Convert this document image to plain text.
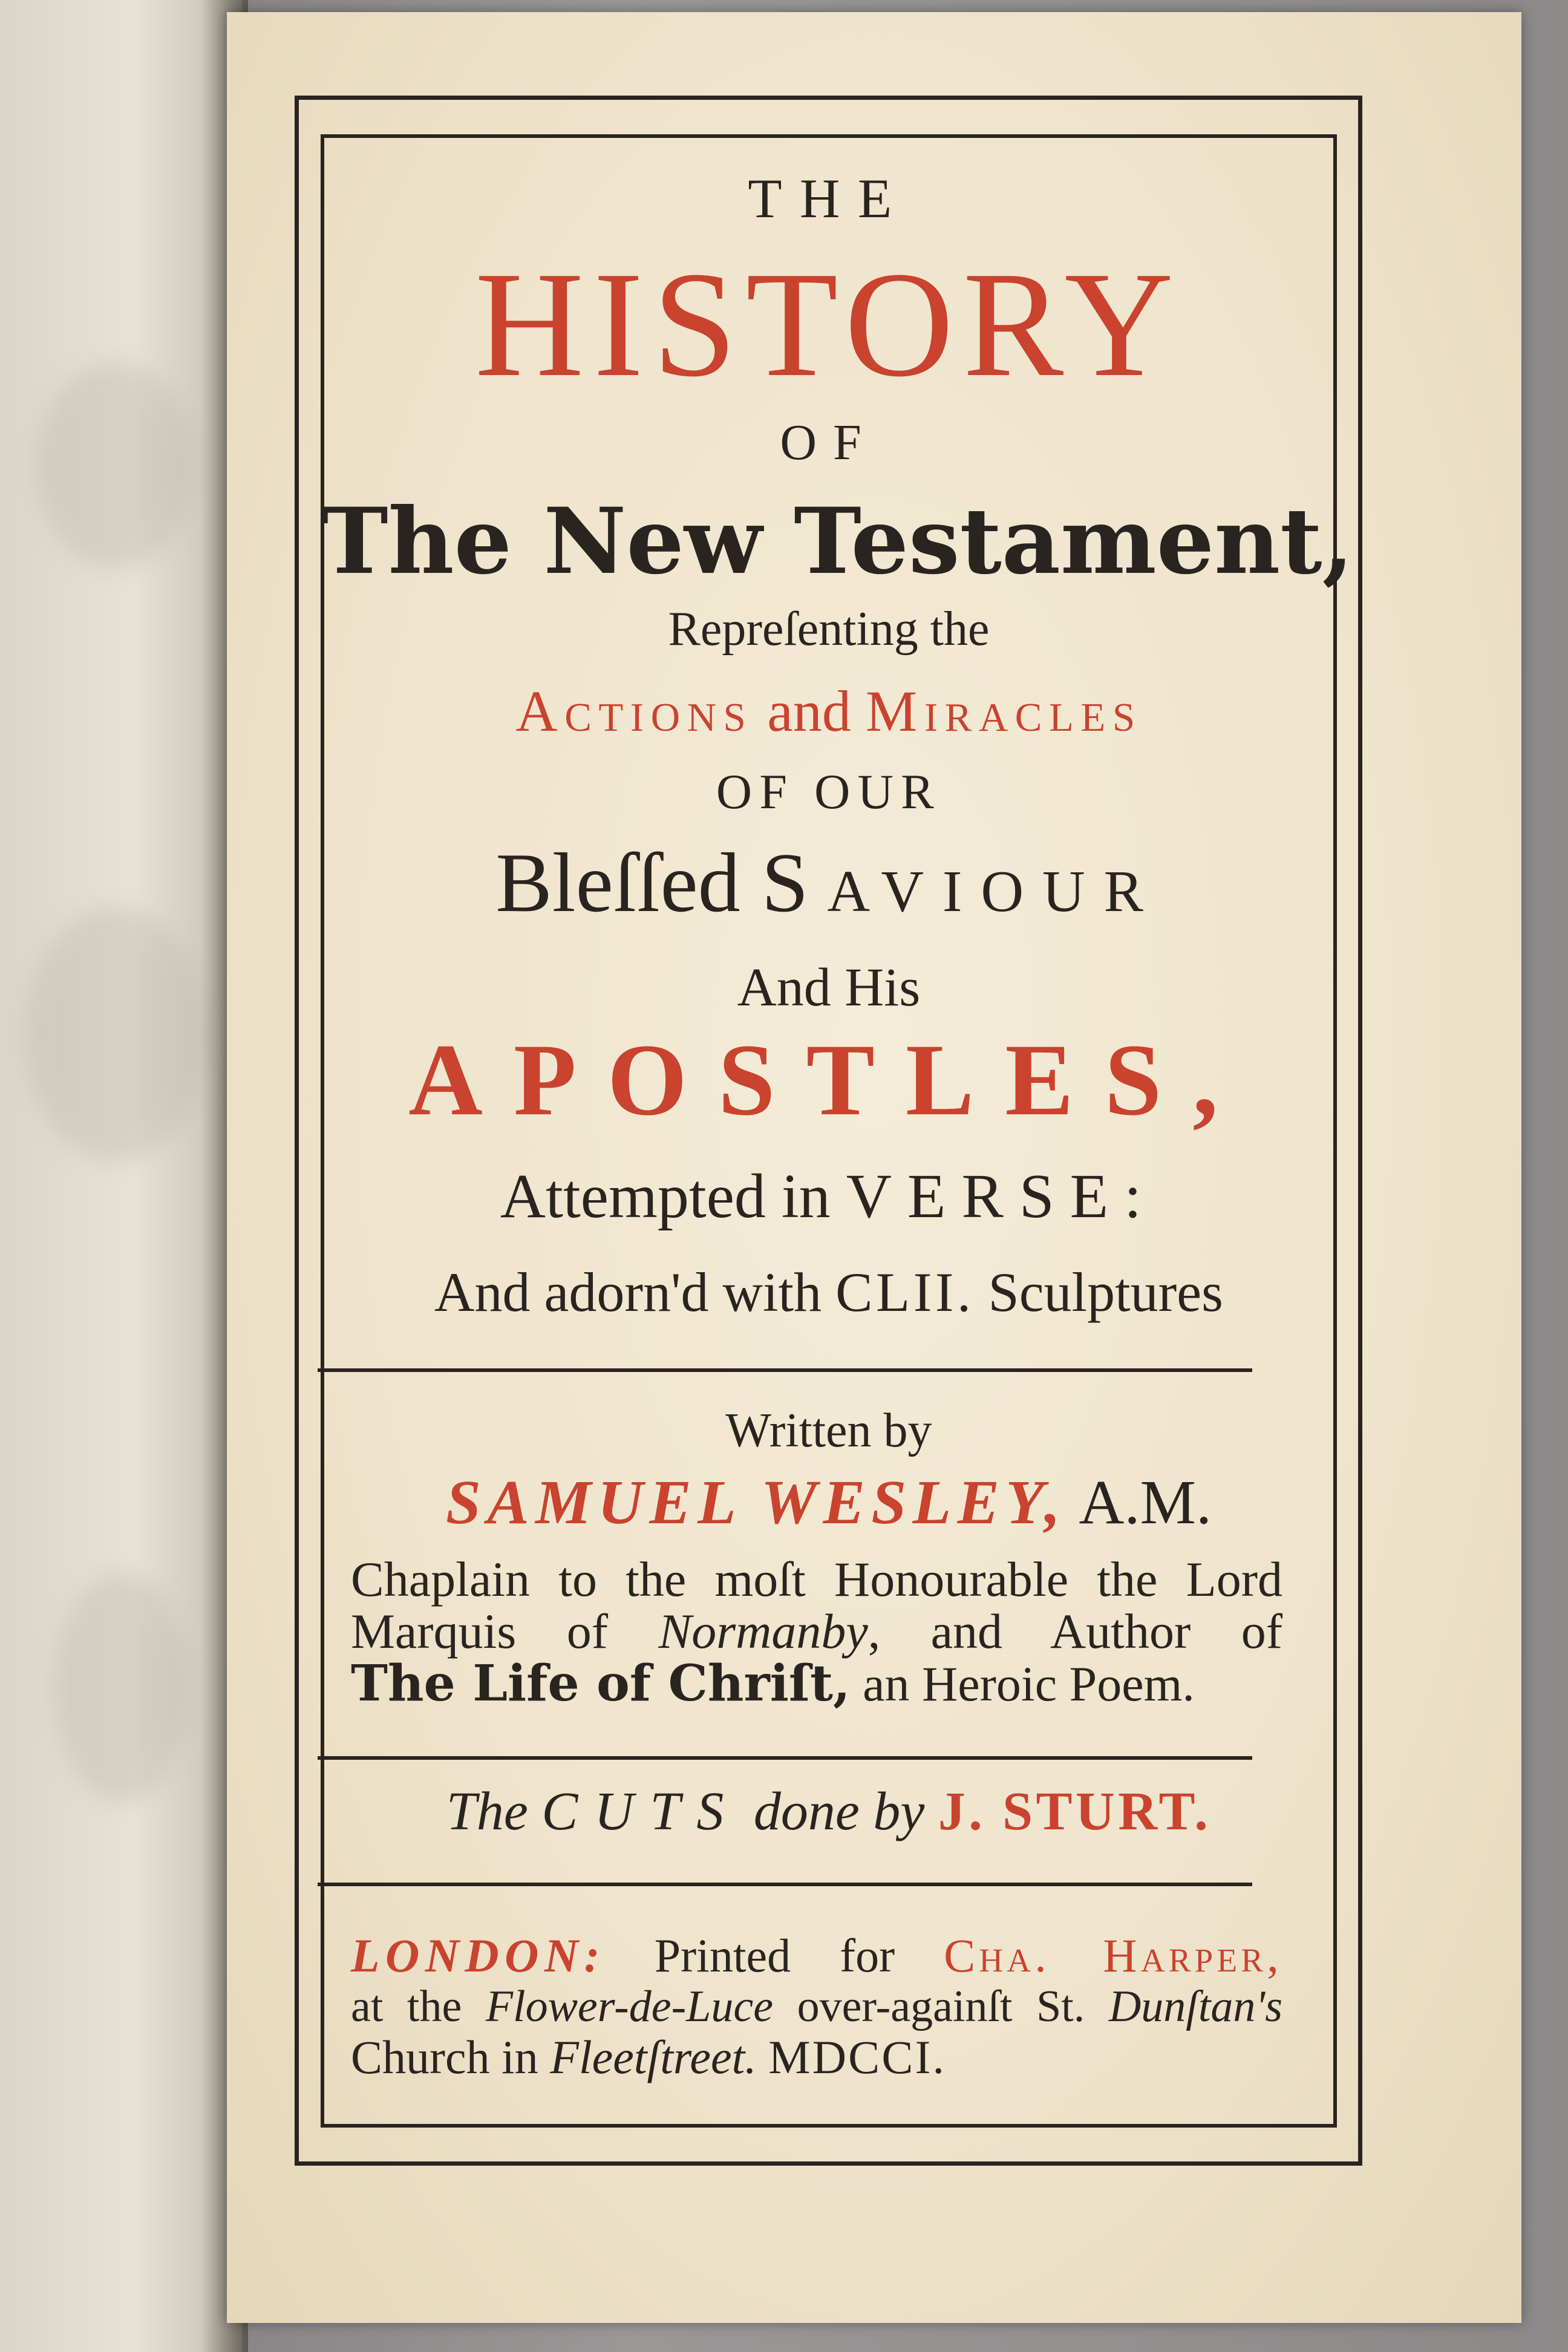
THE
HISTORY
OF
The New Testament,
Repreſenting the
Actions and Miracles
OF OUR
Bleſſed Saviour
And His
APOSTLES,
Attempted in VERSE:
And adorn'd with CLII. Sculptures
Written by
SAMUEL WESLEY, A.M.
Chaplain to the moſt Honourable the Lord
Marquis of Normanby, and Author of
The Life of Chriſt, an Heroic Poem.
The CUTS done by J. STURT.
LONDON: Printed for Cha. Harper,
at the Flower-de-Luce over-againſt St. Dunſtan's
Church in Fleetſtreet. MDCCI.
